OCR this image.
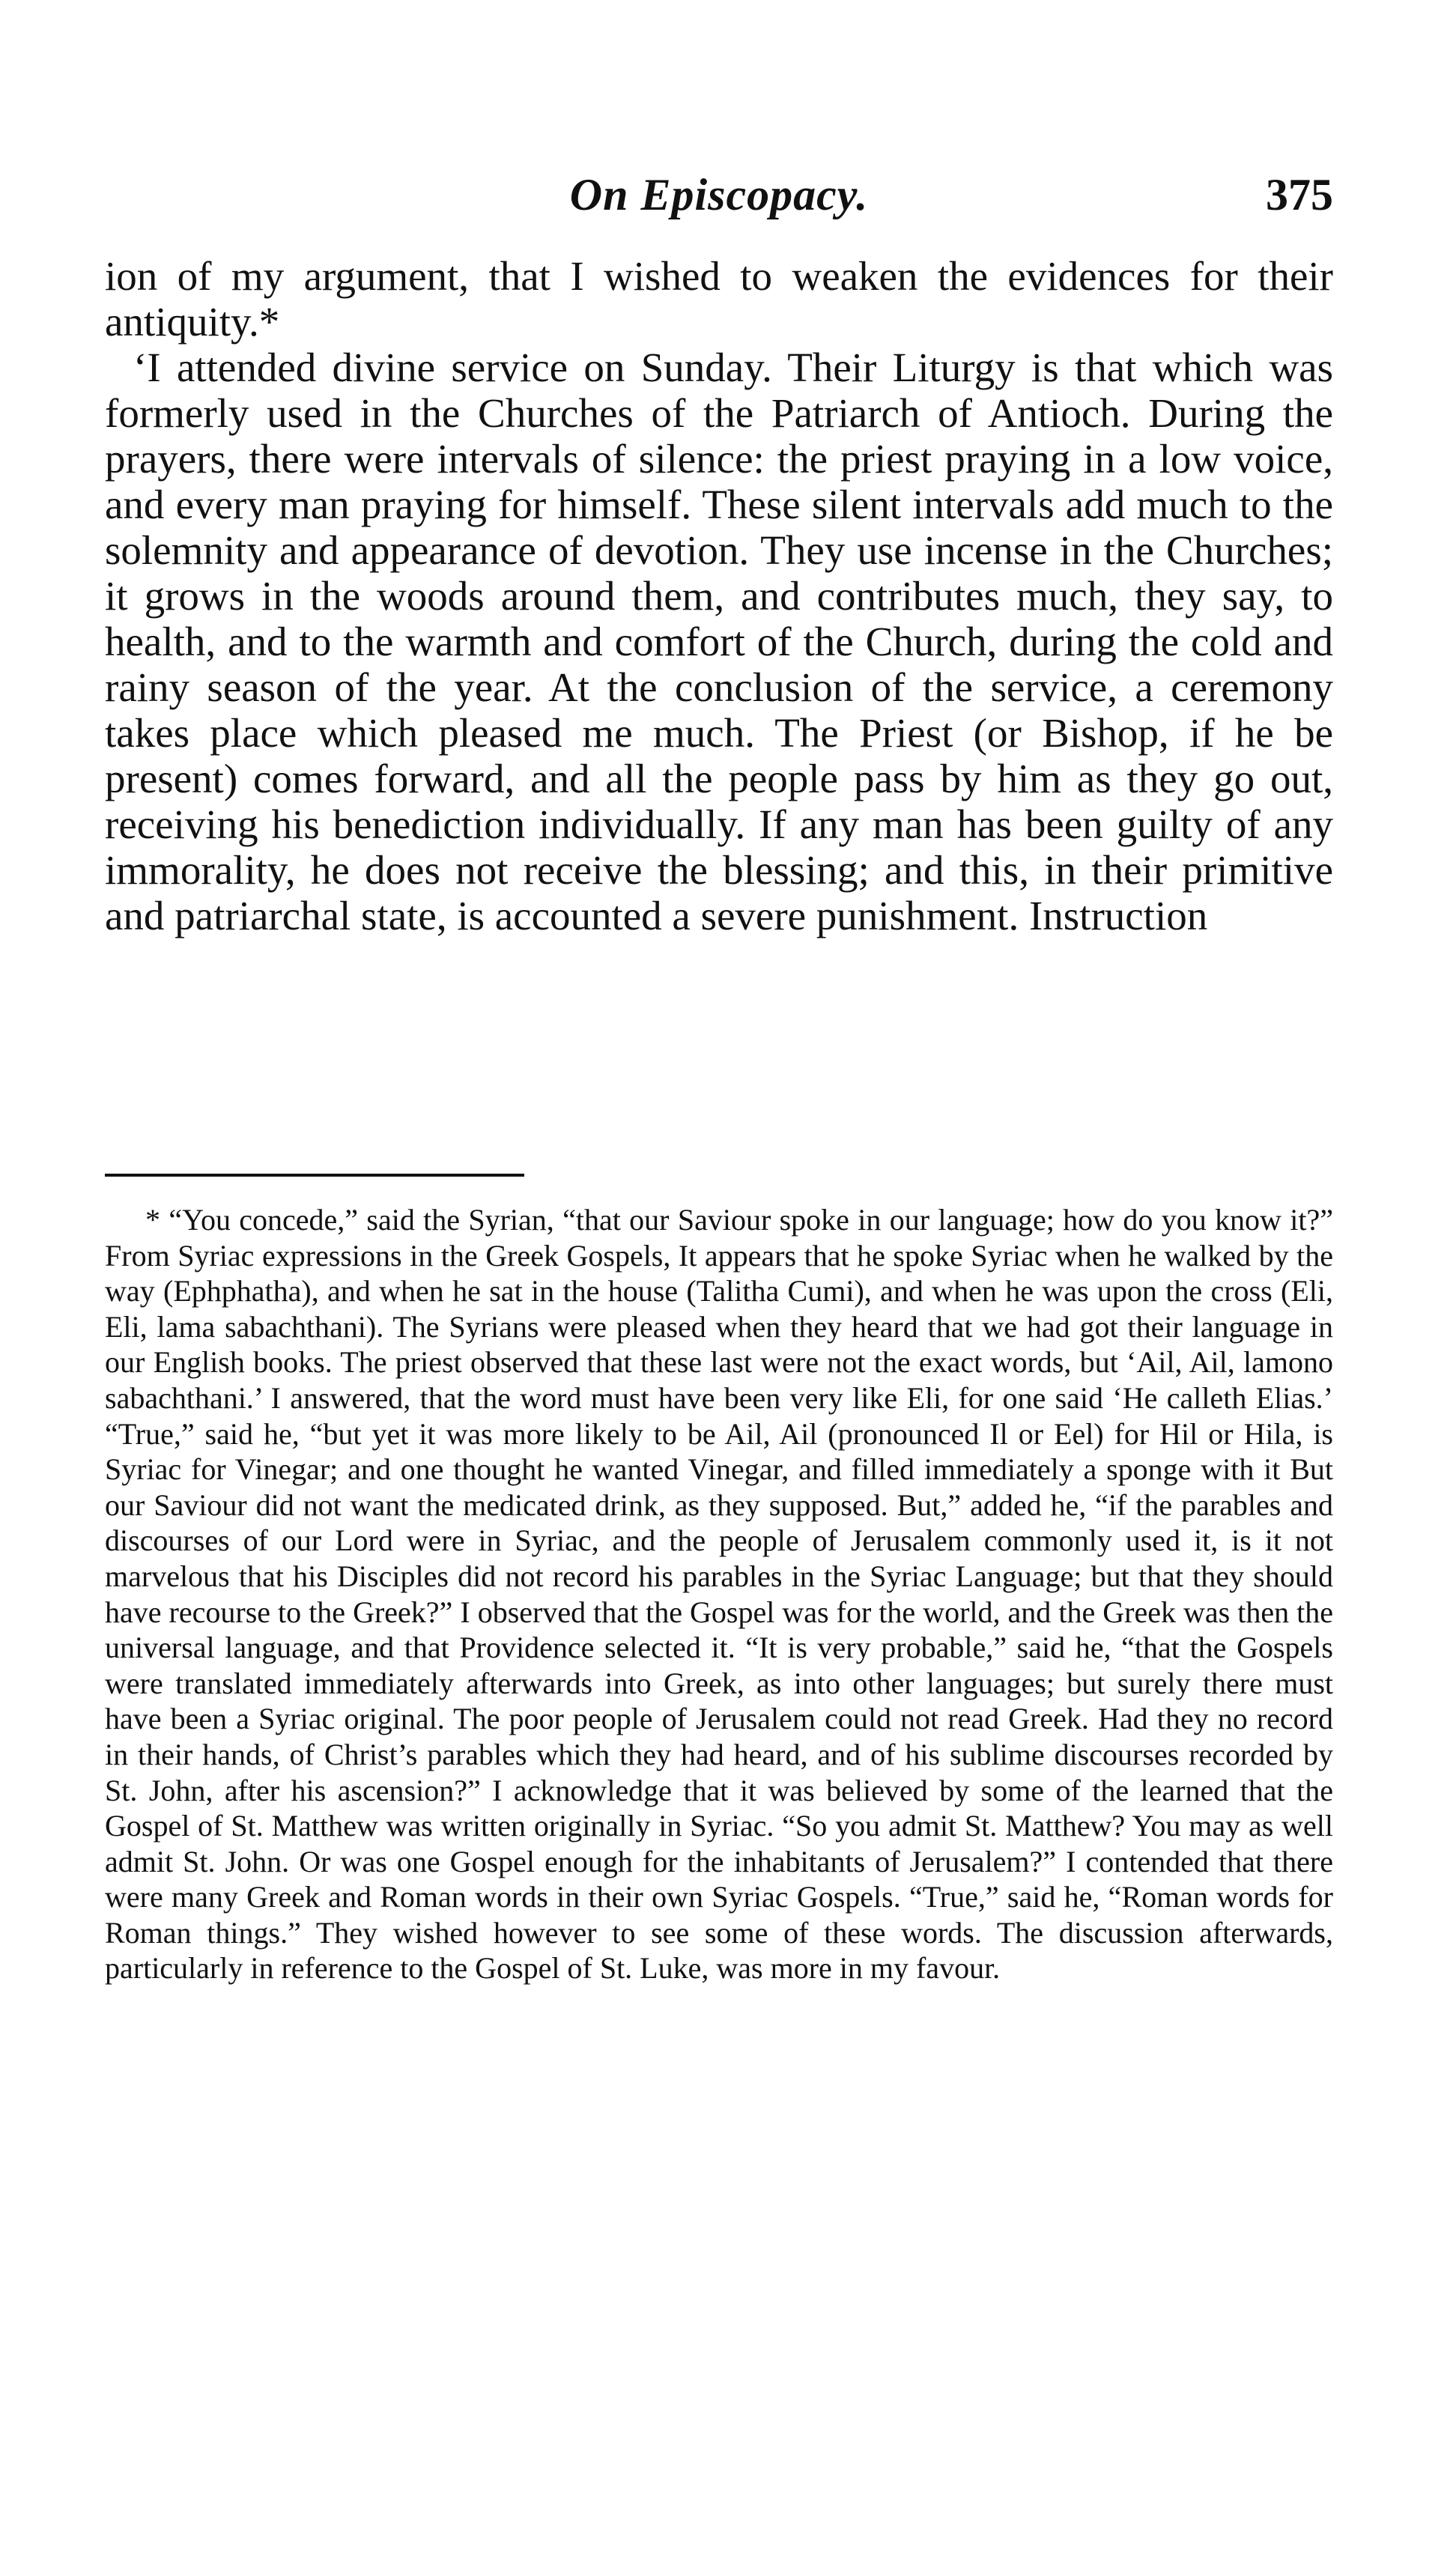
On Episcopacy.	375

ion of my argument, that I wished to weaken the evidences for their antiquity.*

‘I attended divine service on Sunday. Their Liturgy is that which was formerly used in the Churches of the Patriarch of Antioch. During the prayers, there were intervals of silence: the priest praying in a low voice, and every man praying for himself. These silent intervals add much to the solemnity and appearance of devotion. They use incense in the Churches; it grows in the woods around them, and contributes much, they say, to health, and to the warmth and comfort of the Church, during the cold and rainy season of the year. At the conclusion of the service, a ceremony takes place which pleased me much. The Priest (or Bishop, if he be present) comes forward, and all the people pass by him as they go out, receiving his benediction individually. If any man has been guilty of any immorality, he does not receive the blessing; and this, in their primitive and patriarchal state, is accounted a severe punishment. Instruction

* “You concede,” said the Syrian, “that our Saviour spoke in our language; how do you know it?” From Syriac expressions in the Greek Gospels, It appears that he spoke Syriac when he walked by the way (Ephphatha), and when he sat in the house (Talitha Cumi), and when he was upon the cross (Eli, Eli, lama sabachthani). The Syrians were pleased when they heard that we had got their language in our English books. The priest observed that these last were not the exact words, but ‘Ail, Ail, lamono sabachthani.’ I answered, that the word must have been very like Eli, for one said ‘He calleth Elias.’ “True,” said he, “but yet it was more likely to be Ail, Ail (pronounced Il or Eel) for Hil or Hila, is Syriac for Vinegar; and one thought he wanted Vinegar, and filled immediately a sponge with it But our Saviour did not want the medicated drink, as they supposed. But,” added he, “if the parables and discourses of our Lord were in Syriac, and the people of Jerusalem commonly used it, is it not marvelous that his Disciples did not record his parables in the Syriac Language; but that they should have recourse to the Greek?” I observed that the Gospel was for the world, and the Greek was then the universal language, and that Providence selected it. “It is very probable,” said he, “that the Gospels were translated immediately afterwards into Greek, as into other languages; but surely there must have been a Syriac original. The poor people of Jerusalem could not read Greek. Had they no record in their hands, of Christ’s parables which they had heard, and of his sublime discourses recorded by St. John, after his ascension?” I acknowledge that it was believed by some of the learned that the Gospel of St. Matthew was written originally in Syriac. “So you admit St. Matthew? You may as well admit St. John. Or was one Gospel enough for the inhabitants of Jerusalem?” I contended that there were many Greek and Roman words in their own Syriac Gospels. “True,” said he, “Roman words for Roman things.” They wished however to see some of these words. The discussion afterwards, particularly in reference to the Gospel of St. Luke, was more in my favour.
